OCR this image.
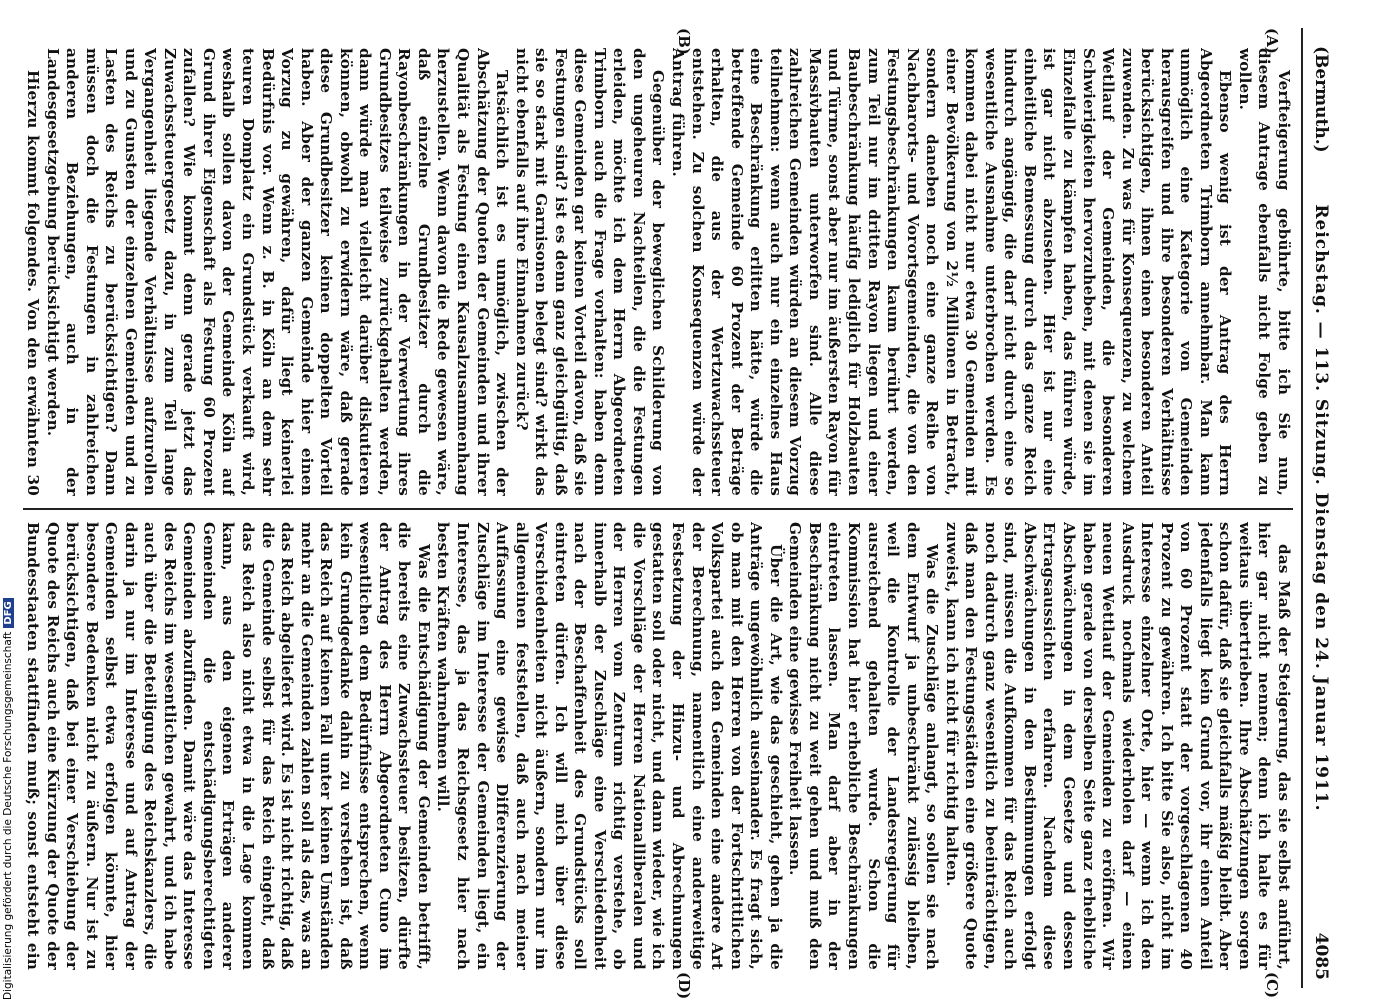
(Bermuth.)
Reichstag. — 113. Sitzung. Dienstag den 24. Januar 1911.
4085
(A)
(B)
(C)
(D)

Verfteigerung gebührte, bitte ich Sie nun, diesem Antrage ebenfalls nicht Folge geben zu wollen.

Ebenso wenig ist der Antrag des Herrn Abgeordneten Trimborn annehmbar. Man kann unmöglich eine Kategorie von Gemeinden herausgreifen und ihre besonderen Verhältnisse berücksichtigen, ihnen einen besonderen Anteil zuwenden. Zu was für Konsequenzen, zu welchem Wetllauf der Gemeinden, die besonderen Schwierigkeiten hervorzuheben, mit denen sie im Einzelfalle zu kämpfen haben, das führen würde, ist gar nicht abzusehen. Hier ist nur eine einheitliche Bemessung durch das ganze Reich hindurch angängig, die darf nicht durch eine so wesentliche Ausnahme unterbrochen werden. Es kommen dabei nicht nur etwa 30 Gemeinden mit einer Bevölkerung von 2½ Millionen in Betracht, sondern daneben noch eine ganze Reihe von Nachbarorts- und Vorortsgemeinden, die von den Festungsbeschränkungen kaum berührt werden, zum Teil nur im dritten Rayon liegen und einer Baubeschränkung häufig lediglich für Holzbauten und Türme, sonst aber nur im äußersten Rayon für Massivbauten unterworfen sind. Alle diese zahlreichen Gemeinden würden an diesem Vorzug teilnehmen: wenn auch nur ein einzelnes Haus eine Beschränkung erlitten hätte, würde die betreffende Gemeinde 60 Prozent der Beträge erhalten, die aus der Wertzuwachssteuer entstehen. Zu solchen Konsequenzen würde der Antrag führen.

Gegenüber der beweglichen Schilderung von den ungeheuren Nachteilen, die die Festungen erleiden, möchte ich dem Herrn Abgeordneten Trimborn auch die Frage vorhalten: haben denn diese Gemeinden gar keinen Vorteil davon, daß sie Festungen sind? ist es denn ganz gleichgültig, daß sie so stark mit Garnisonen belegt sind? wirkt das nicht ebenfalls auf ihre Einnahmen zurück?

Tatsächlich ist es unmöglich, zwischen der Abschätzung der Quoten der Gemeinden und ihrer Qualität als Festung einen Kausalzusammenhang herzustellen. Wenn davon die Rede gewesen wäre, daß einzelne Grundbesitzer durch die Rayonbeschränkungen in der Verwertung ihres Grundbesitzes teilweise zurückgehalten werden, dann würde man vielleicht darüber diskutieren können, obwohl zu erwidern wäre, daß gerade diese Grundbesitzer keinen doppelten Vorteil haben. Aber der ganzen Gemeinde hier einen Vorzug zu gewähren, dafür liegt keinerlei Bedürfnis vor. Wenn z. B. in Köln an dem sehr teuren Domplatz ein Grundstück verkauft wird, weshalb sollen davon der Gemeinde Köln auf Grund ihrer Eigenschaft als Festung 60 Prozent zufallen? Wie kommt denn gerade jetzt das Zuwachssteuergesetz dazu, in zum Teil lange Vergangenheit liegende Verhältnisse aufzurollen und zu Gunsten der einzelnen Gemeinden und zu Lasten des Reichs zu berücksichtigen? Dann müssen doch die Festungen in zahlreichen anderen Beziehungen, auch in der Landesgesetzgebung berücksichtigt werden.

Hierzu kommt folgendes. Von den erwähnten 30

das Maß der Steigerung, das sie selbst anführt, hier gar nicht nennen; denn ich halte es für weitaus übertrieben. Ihre Abschätzungen sorgen schon dafür, daß sie gleichfalls mäßig bleibt. Aber jedenfalls liegt kein Grund vor, ihr einen Anteil von 60 Prozent statt der vorgeschlagenen 40 Prozent zu gewähren. Ich bitte Sie also, nicht im Interesse einzelner Orte, hier — wenn ich den Ausdruck nochmals wiederholen darf — einen neuen Wettlauf der Gemeinden zu eröffnen. Wir haben gerade von derselben Seite ganz erhebliche Abschwächungen in dem Gesetze und dessen Ertragsaussichten erfahren. Nachdem diese Abschwächungen in den Bestimmungen erfolgt sind, müssen die Aufkommen für das Reich auch noch dadurch ganz wesentlich zu beeinträchtigen, daß man den Festungsstädten eine größere Quote zuweist, kann ich nicht für richtig halten.

Was die Zuschläge anlangt, so sollen sie nach dem Entwurf ja unbeschränkt zulässig bleiben, weil die Kontrolle der Landesregierung für ausreichend gehalten wurde. Schon die Kommission hat hier erhebliche Beschränkungen eintreten lassen. Man darf aber in der Beschränkung nicht zu weit gehen und muß den Gemeinden eine gewisse Freiheit lassen.

Über die Art, wie das geschieht, gehen ja die Anträge ungewöhnlich auseinander. Es fragt sich, ob man mit den Herren von der Fortschrittlichen Volkspartei auch den Gemeinden eine andere Art der Berechnung, namentlich eine anderweitige Festsetzung der Hinzu- und Abrechnungen gestatten soll oder nicht, und dann wieder, wie ich die Vorschläge der Herren Nationalliberalen und der Herren vom Zentrum richtig verstehe, ob innerhalb der Zuschläge eine Verschiedenheit nach der Beschaffenheit des Grundstücks soll eintreten dürfen. Ich will mich über diese Verschiedenheiten nicht äußern, sondern nur im allgemeinen feststellen, daß auch nach meiner Auffassung eine gewisse Differenzierung der Zuschläge im Interesse der Gemeinden liegt, ein Interesse, das ja das Reichsgesetz hier nach besten Kräften wahrnehmen will.

Was die Entschädigung der Gemeinden betrifft, die bereits eine Zuwachssteuer besitzen, dürfte der Antrag des Herrn Abgeordneten Cuno im wesentlichen dem Bedürfnisse entsprechen, wenn kein Grundgedanke dahin zu verstehen ist, daß das Reich auf keinen Fall unter keinen Umständen mehr an die Gemeinden zahlen soll als das, was an das Reich abgeliefert wird. Es ist nicht richtig, daß die Gemeinde selbst für das Reich eingeht, daß das Reich also nicht etwa in die Lage kommen kann, aus den eigenen Erträgen anderer Gemeinden die entschädigungsberechtigten Gemeinden abzufinden. Damit wäre das Interesse des Reichs im wesentlichen gewahrt, und ich habe auch über die Beteiligung des Reichskanzlers, die darin ja nur im Interesse und auf Antrag der Gemeinden selbst etwa erfolgen könnte, hier besondere Bedenken nicht zu äußern. Nur ist zu berücksichtigen, daß bei einer Verschiebung der Quote des Reichs auch eine Kürzung der Quote der Bundesstaaten stattfinden muß; sonst entsteht ein

Digitalisierung gefördert durch die Deutsche ForschungsgemeinschaftDFG
